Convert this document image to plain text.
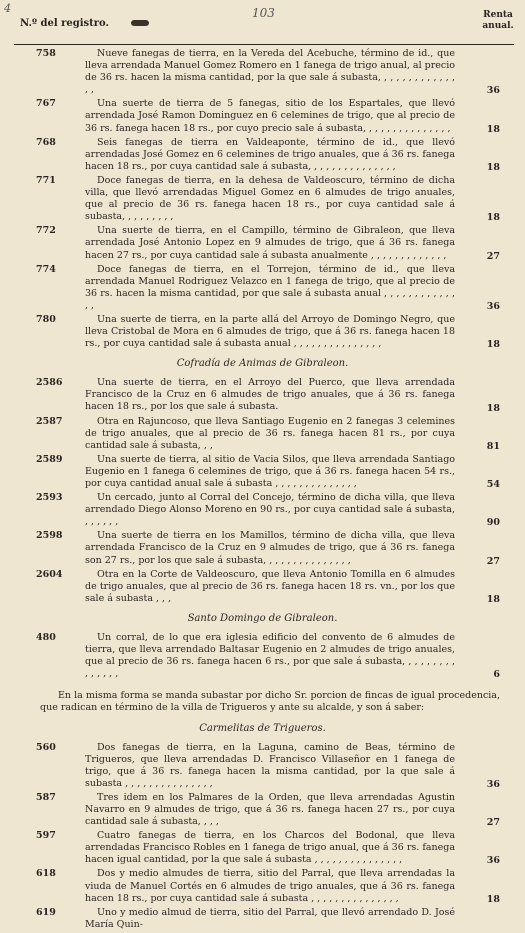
4
N.º del registro.
103	Renta
anual.
758	Nueve fanegas de tierra, en la Vereda del Acebuche, término de id., que lleva arrendada Manuel Gomez Romero en 1 fanega de trigo anual, al precio de 36 rs. hacen la misma cantidad, por la que sale á subasta, , , , , , , , , , , , , , ,	36
767	Una suerte de tierra de 5 fanegas, sitio de los Espartales, que llevó arrendada José Ramon Dominguez en 6 celemines de trigo, que al precio de 36 rs. fanega hacen 18 rs., por cuyo precio sale á subasta, , , , , , , , , , , , , , ,	18
768	Seis fanegas de tierra en Valdeaponte, término de id., que llevó arrendadas José Gomez en 6 celemines de trigo anuales, que á 36 rs. fanega hacen 18 rs., por cuya cantidad sale á subasta, , , , , , , , , , , , , , ,	18
771	Doce fanegas de tierra, en la dehesa de Valdeoscuro, término de dicha villa, que llevó arrendadas Miguel Gomez en 6 almudes de trigo anuales, que al precio de 36 rs. fanega hacen 18 rs., por cuya cantidad sale á subasta, , , , , , , , ,	18
772	Una suerte de tierra, en el Campillo, término de Gibraleon, que lleva arrendada José Antonio Lopez en 9 almudes de trigo, que á 36 rs. fanega hacen 27 rs., por cuya cantidad sale á subasta anualmente , , , , , , , , , , , , ,	27
774	Doce fanegas de tierra, en el Torrejon, término de id., que lleva arrendada Manuel Rodriguez Velazco en 1 fanega de trigo, que al precio de 36 rs. hacen la misma cantidad, por que sale á subasta anual , , , , , , , , , , , , , ,	36
780	Una suerte de tierra, en la parte allá del Arroyo de Domingo Negro, que lleva Cristobal de Mora en 6 almudes de trigo, que á 36 rs. fanega hacen 18 rs., por cuya cantidad sale á subasta anual , , , , , , , , , , , , , , ,	18
Cofradía de Animas de Gibraleon.
2586	Una suerte de tierra, en el Arroyo del Puerco, que lleva arrendada Francisco de la Cruz en 6 almudes de trigo anuales, que á 36 rs. fanega hacen 18 rs., por los que sale á subasta.	18
2587	Otra en Rajuncoso, que lleva Santiago Eugenio en 2 fanegas 3 celemines de trigo anuales, que al precio de 36 rs. fanega hacen 81 rs., por cuya cantidad sale á subasta, , ,	81
2589	Una suerte de tierra, al sitio de Vacia Silos, que lleva arrendada Santiago Eugenio en 1 fanega 6 celemines de trigo, que á 36 rs. fanega hacen 54 rs., por cuya cantidad anual sale á subasta , , , , , , , , , , , , , ,	54
2593	Un cercado, junto al Corral del Concejo, término de dicha villa, que lleva arrendado Diego Alonso Moreno en 90 rs., por cuya cantidad sale á subasta, , , , , , ,	90
2598	Una suerte de tierra en los Mamillos, término de dicha villa, que lleva arrendada Francisco de la Cruz en 9 almudes de trigo, que á 36 rs. fanega son 27 rs., por los que sale á subasta, , , , , , , , , , , , , , ,	27
2604	Otra en la Corte de Valdeoscuro, que lleva Antonio Tomilla en 6 almudes de trigo anuales, que al precio de 36 rs. fanega hacen 18 rs. vn., por los que sale á subasta , , ,	18
Santo Domingo de Gibraleon.
480	Un corral, de lo que era iglesia edificio del convento de 6 almudes de tierra, que lleva arrendado Baltasar Eugenio en 2 almudes de trigo anuales, que al precio de 36 rs. fanega hacen 6 rs., por que sale á subasta, , , , , , , , , , , , , , ,	6
En la misma forma se manda subastar por dicho Sr. porcion de fincas de igual procedencia, que radican en término de la villa de Trigueros y ante su alcalde, y son á saber:
Carmelitas de Trigueros.
560	Dos fanegas de tierra, en la Laguna, camino de Beas, término de Trigueros, que lleva arrendadas D. Francisco Villaseñor en 1 fanega de trigo, que á 36 rs. fanega hacen la misma cantidad, por la que sale á subasta , , , , , , , , , , , , , , ,	36
587	Tres idem en los Palmares de la Orden, que lleva arrendadas Agustin Navarro en 9 almudes de trigo, que á 36 rs. fanega hacen 27 rs., por cuya cantidad sale á subasta, , , ,	27
597	Cuatro fanegas de tierra, en los Charcos del Bodonal, que lleva arrendadas Francisco Robles en 1 fanega de trigo anual, que á 36 rs. fanega hacen igual cantidad, por la que sale á subasta , , , , , , , , , , , , , , ,	36
618	Dos y medio almudes de tierra, sitio del Parral, que lleva arrendadas la viuda de Manuel Cortés en 6 almudes de trigo anuales, que á 36 rs. fanega hacen 18 rs., por cuya cantidad sale á subasta , , , , , , , , , , , , , , ,	18
619	Uno y medio almud de tierra, sitio del Parral, que llevó arrendado D. José María Quin-
